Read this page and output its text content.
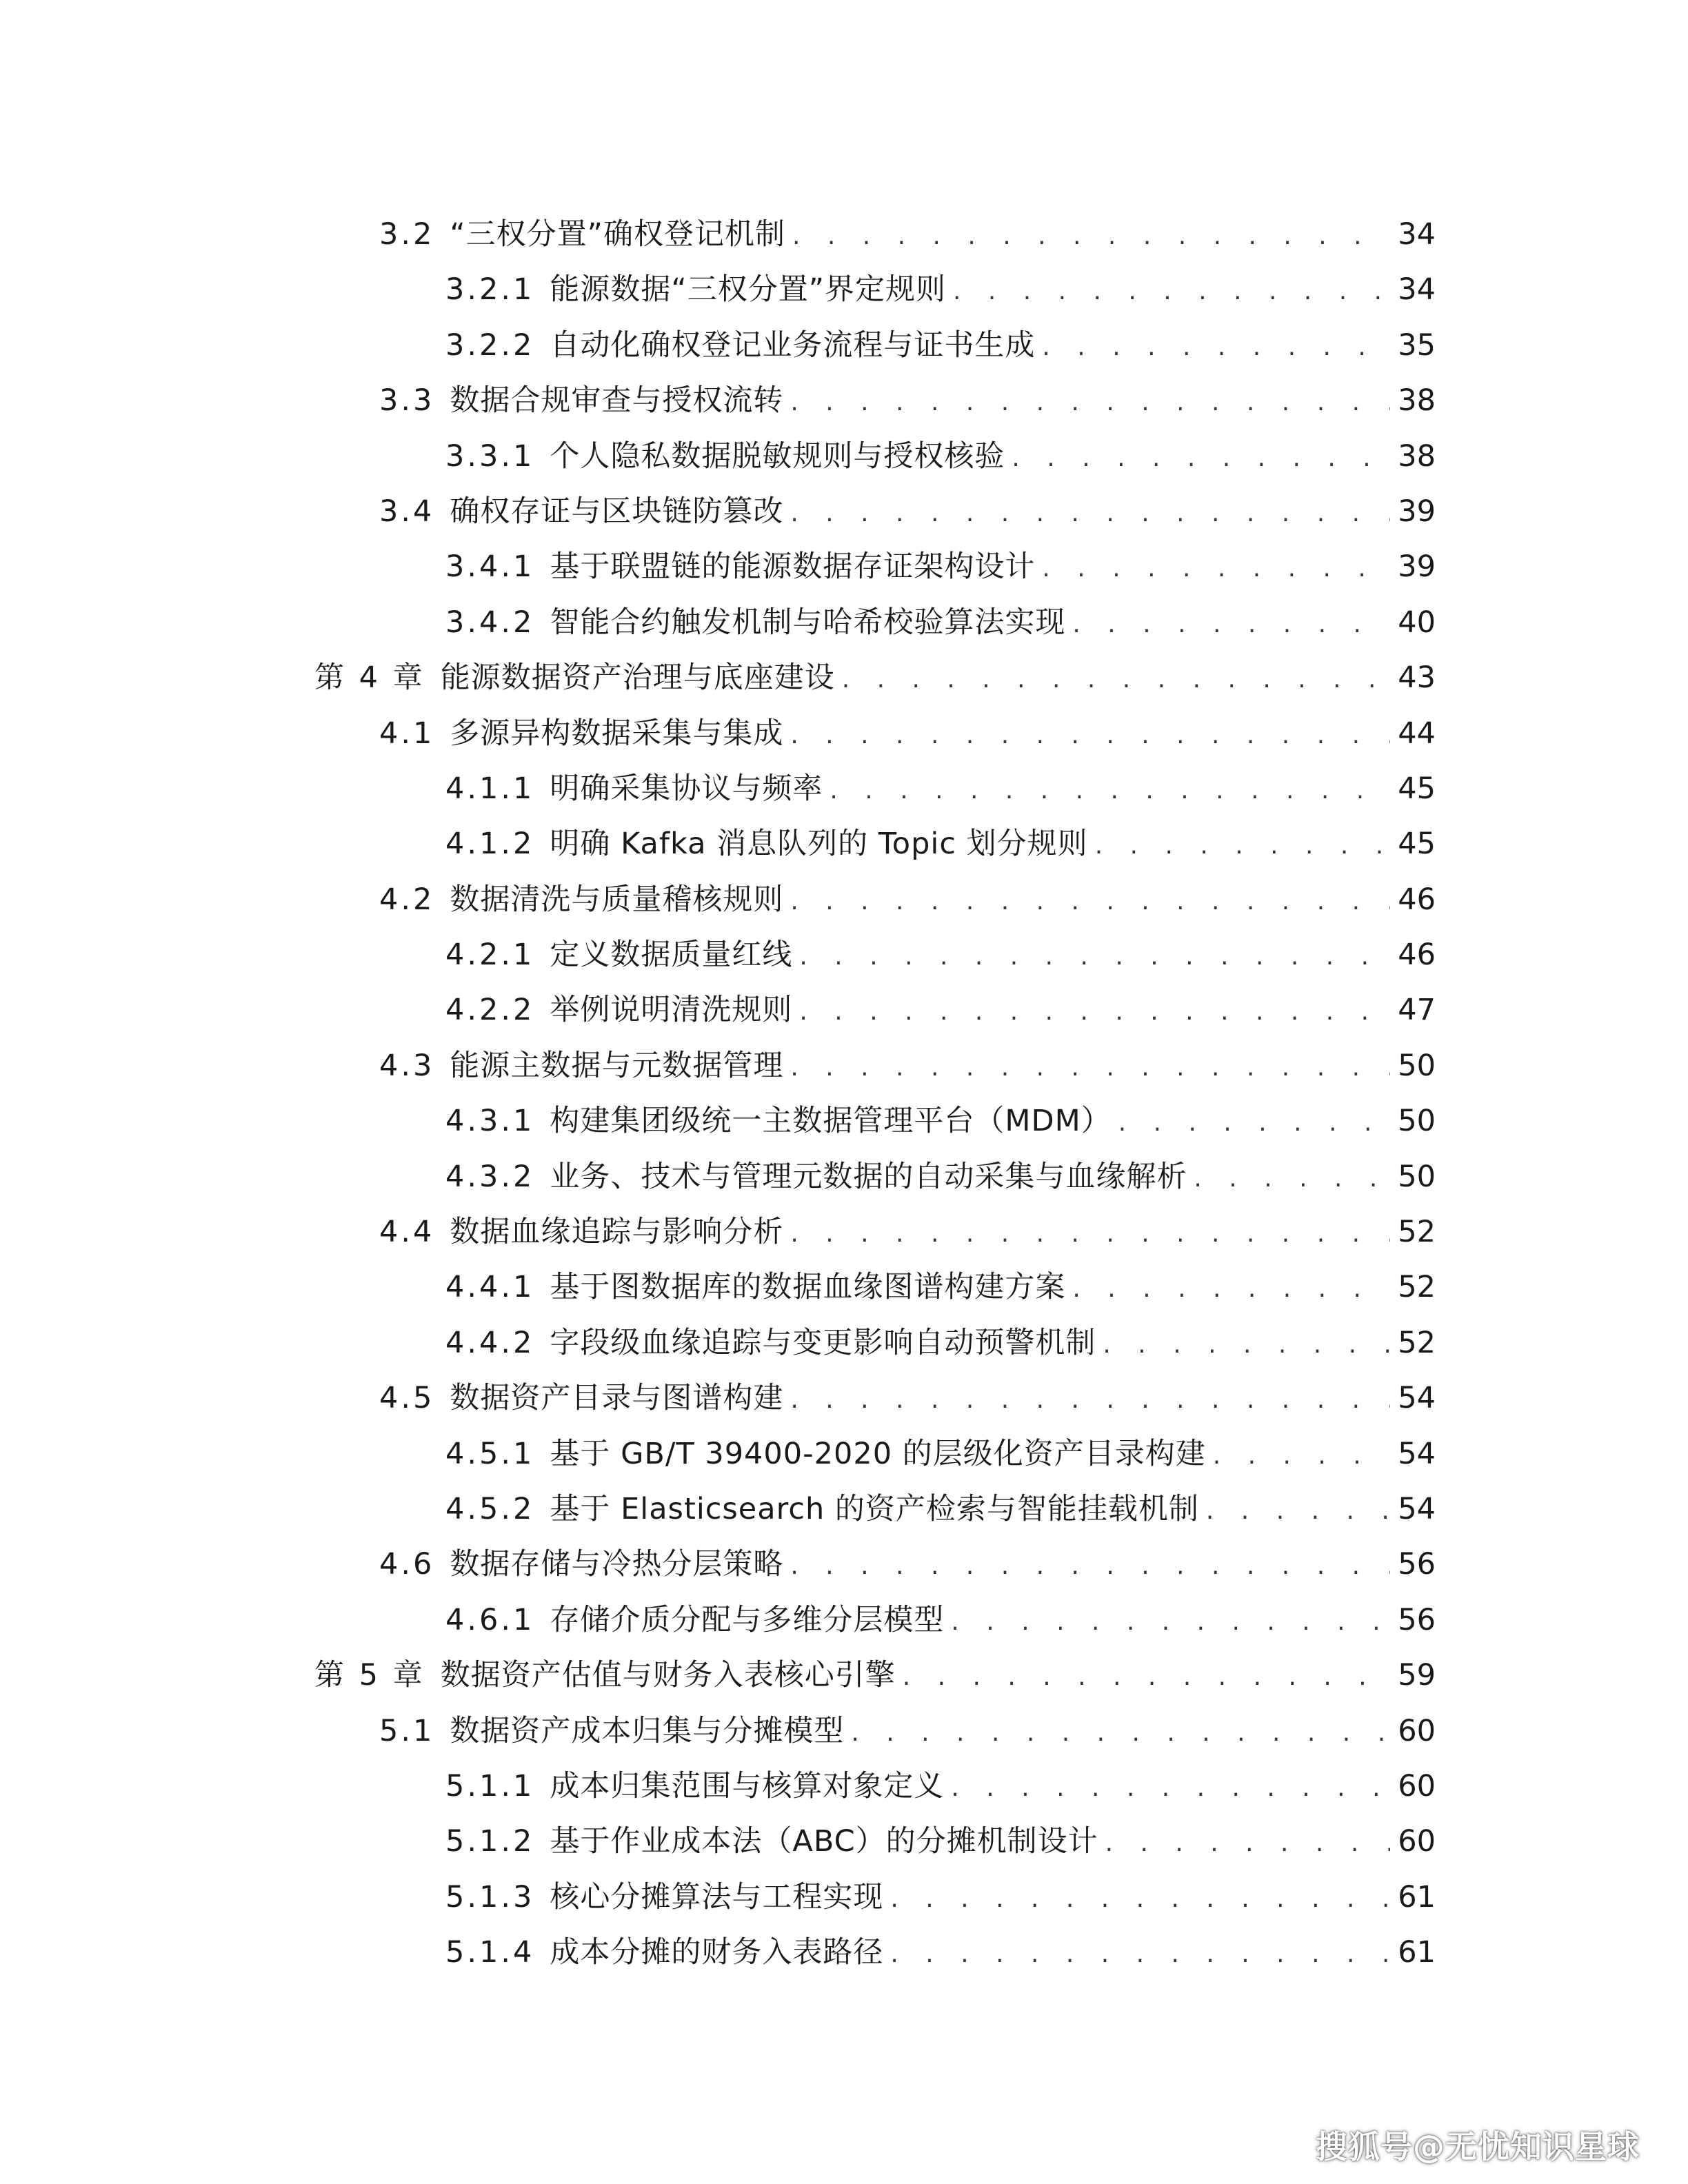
3.2 “三权分置”确权登记机制 . . .	34
3.2.1 能源数据“三权分置”界定规则 . . .	34
3.2.2 自动化确权登记业务流程与证书生成 . . .	35
3.3 数据合规审查与授权流转 . . .	38
3.3.1 个人隐私数据脱敏规则与授权核验 . . .	38
3.4 确权存证与区块链防篡改 . . .	39
3.4.1 基于联盟链的能源数据存证架构设计 . . .	39
3.4.2 智能合约触发机制与哈希校验算法实现 . . .	40
第 4 章 能源数据资产治理与底座建设 . . .	43
4.1 多源异构数据采集与集成 . . .	44
4.1.1 明确采集协议与频率 . . .	45
4.1.2 明确 Kafka 消息队列的 Topic 划分规则 . . .	45
4.2 数据清洗与质量稽核规则 . . .	46
4.2.1 定义数据质量红线 . . .	46
4.2.2 举例说明清洗规则 . . .	47
4.3 能源主数据与元数据管理 . . .	50
4.3.1 构建集团级统一主数据管理平台（MDM） . . .	50
4.3.2 业务、技术与管理元数据的自动采集与血缘解析 . . .	50
4.4 数据血缘追踪与影响分析 . . .	52
4.4.1 基于图数据库的数据血缘图谱构建方案 . . .	52
4.4.2 字段级血缘追踪与变更影响自动预警机制 . . .	52
4.5 数据资产目录与图谱构建 . . .	54
4.5.1 基于 GB/T 39400-2020 的层级化资产目录构建 . . .	54
4.5.2 基于 Elasticsearch 的资产检索与智能挂载机制 . . .	54
4.6 数据存储与冷热分层策略 . . .	56
4.6.1 存储介质分配与多维分层模型 . . .	56
第 5 章 数据资产估值与财务入表核心引擎 . . .	59
5.1 数据资产成本归集与分摊模型 . . .	60
5.1.1 成本归集范围与核算对象定义 . . .	60
5.1.2 基于作业成本法（ABC）的分摊机制设计 . . .	60
5.1.3 核心分摊算法与工程实现 . . .	61
5.1.4 成本分摊的财务入表路径 . . .	61
搜狐号@无忧知识星球
